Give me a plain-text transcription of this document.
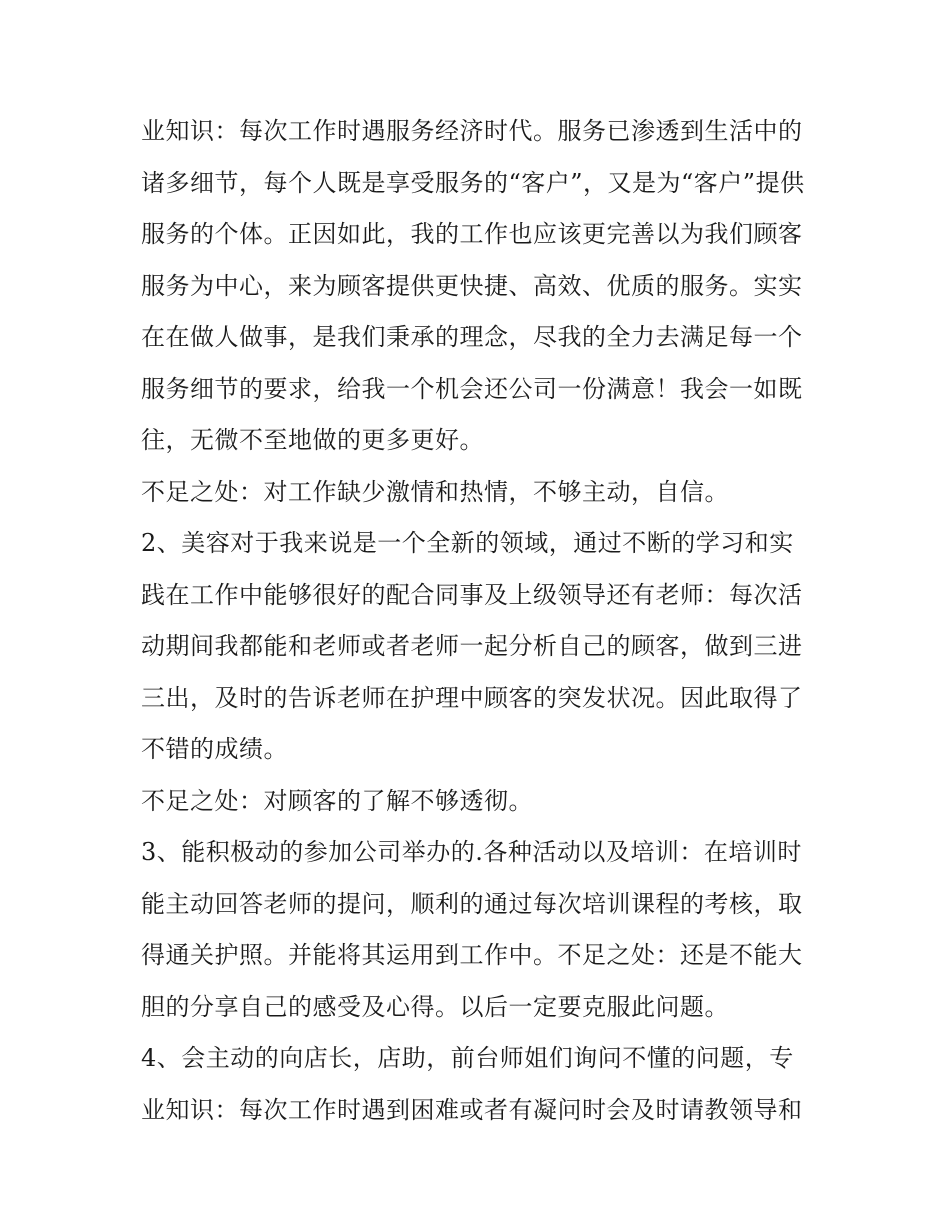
业知识：每次工作时遇服务经济时代。服务已渗透到生活中的
诸多细节，每个人既是享受服务的“客户”，又是为“客户”提供
服务的个体。正因如此，我的工作也应该更完善以为我们顾客
服务为中心，来为顾客提供更快捷、高效、优质的服务。实实
在在做人做事，是我们秉承的理念，尽我的全力去满足每一个
服务细节的要求，给我一个机会还公司一份满意！我会一如既
往，无微不至地做的更多更好。
不足之处：对工作缺少激情和热情，不够主动，自信。
2、美容对于我来说是一个全新的领域，通过不断的学习和实
践在工作中能够很好的配合同事及上级领导还有老师：每次活
动期间我都能和老师或者老师一起分析自己的顾客，做到三进
三出，及时的告诉老师在护理中顾客的突发状况。因此取得了
不错的成绩。
不足之处：对顾客的了解不够透彻。
3、能积极动的参加公司举办的.各种活动以及培训：在培训时
能主动回答老师的提问，顺利的通过每次培训课程的考核，取
得通关护照。并能将其运用到工作中。不足之处：还是不能大
胆的分享自己的感受及心得。以后一定要克服此问题。
4、会主动的向店长，店助，前台师姐们询问不懂的问题，专
业知识：每次工作时遇到困难或者有凝问时会及时请教领导和
